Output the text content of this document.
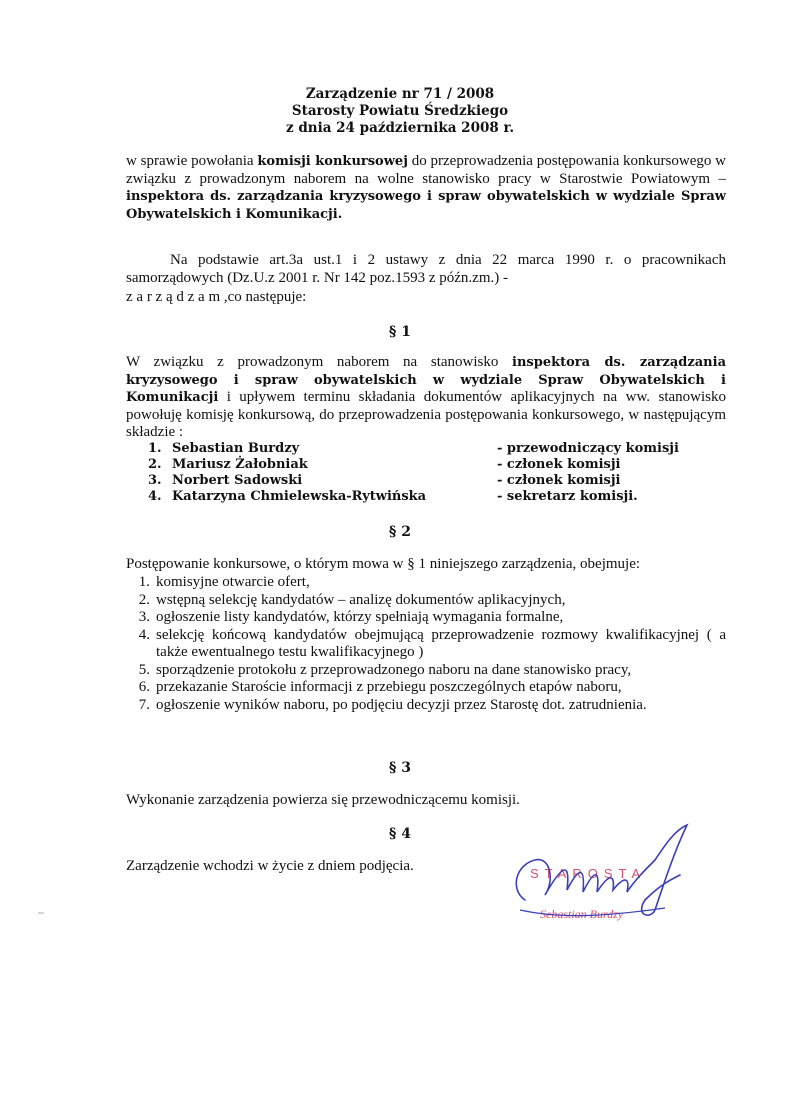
Zarządzenie nr 71 / 2008
Starosty Powiatu Średzkiego
z dnia 24 października 2008 r.
w sprawie powołania komisji konkursowej do przeprowadzenia postępowania konkursowego w związku z prowadzonym naborem na wolne stanowisko pracy w Starostwie Powiatowym – inspektora ds. zarządzania kryzysowego i spraw obywatelskich w wydziale Spraw Obywatelskich i Komunikacji.
Na podstawie art.3a ust.1 i 2 ustawy z dnia 22 marca 1990 r. o pracownikach samorządowych (Dz.U.z 2001 r. Nr 142 poz.1593 z późn.zm.) -
z a r z ą d z a m ,co następuje:
§ 1
W związku z prowadzonym naborem na stanowisko inspektora ds. zarządzania kryzysowego i spraw obywatelskich w wydziale Spraw Obywatelskich i Komunikacji i upływem terminu składania dokumentów aplikacyjnych na ww. stanowisko powołuję komisję konkursową, do przeprowadzenia postępowania konkursowego, w następującym składzie :
1. Sebastian Burdzy	- przewodniczący komisji
2. Mariusz Żałobniak	- członek komisji
3. Norbert Sadowski	- członek komisji
4. Katarzyna Chmielewska-Rytwińska	- sekretarz komisji.
§ 2
Postępowanie konkursowe, o którym mowa w § 1 niniejszego zarządzenia, obejmuje:
1. komisyjne otwarcie ofert,
2. wstępną selekcję kandydatów – analizę dokumentów aplikacyjnych,
3. ogłoszenie listy kandydatów, którzy spełniają wymagania formalne,
4. selekcję końcową kandydatów obejmującą przeprowadzenie rozmowy kwalifikacyjnej ( a także ewentualnego testu kwalifikacyjnego )
5. sporządzenie protokołu z przeprowadzonego naboru na dane stanowisko pracy,
6. przekazanie Staroście informacji z przebiegu poszczególnych etapów naboru,
7. ogłoszenie wyników naboru, po podjęciu decyzji przez Starostę dot. zatrudnienia.
§ 3
Wykonanie zarządzenia powierza się przewodniczącemu komisji.
§ 4
Zarządzenie wchodzi w życie z dniem podjęcia.	STAROSTA
Sebastian Burdzy
